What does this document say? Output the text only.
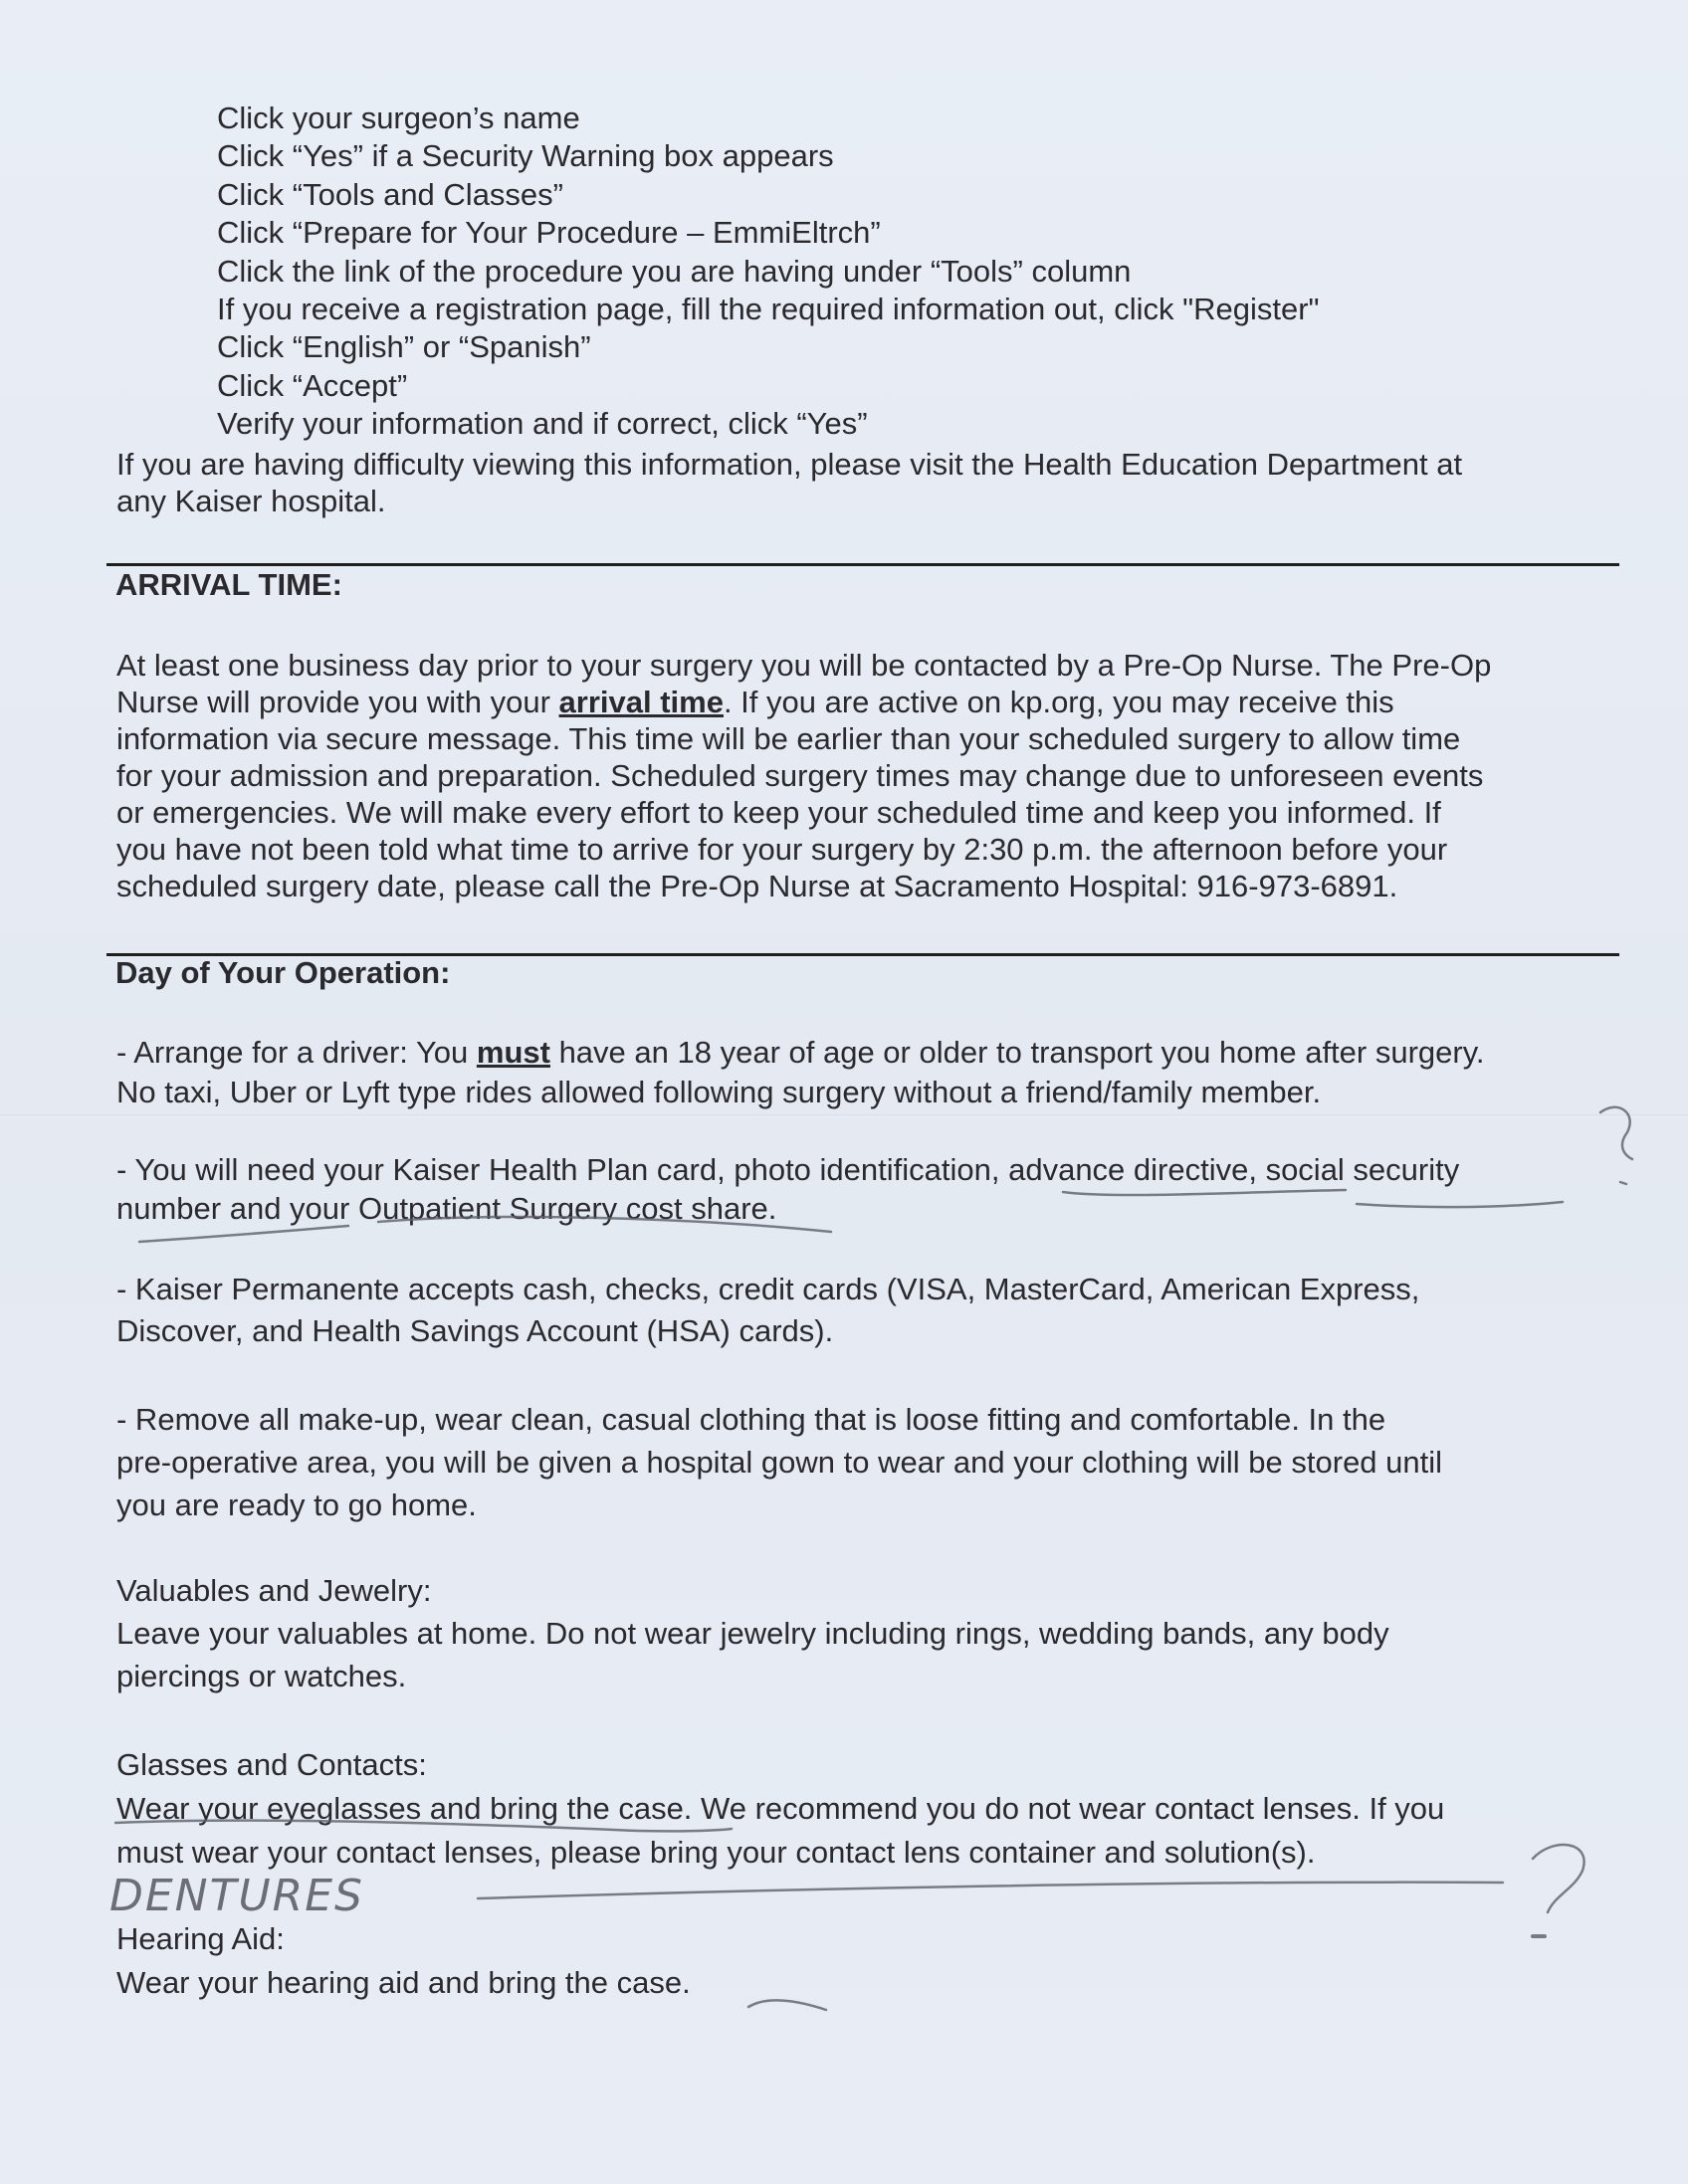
Click your surgeon’s name
Click “Yes” if a Security Warning box appears
Click “Tools and Classes”
Click “Prepare for Your Procedure – EmmiEltrch”
Click the link of the procedure you are having under “Tools” column
If you receive a registration page, fill the required information out, click "Register"
Click “English” or “Spanish”
Click “Accept”
Verify your information and if correct, click “Yes”
If you are having difficulty viewing this information, please visit the Health Education Department at
any Kaiser hospital.
ARRIVAL TIME:
At least one business day prior to your surgery you will be contacted by a Pre-Op Nurse. The Pre-Op
Nurse will provide you with your arrival time. If you are active on kp.org, you may receive this
information via secure message. This time will be earlier than your scheduled surgery to allow time
for your admission and preparation. Scheduled surgery times may change due to unforeseen events
or emergencies. We will make every effort to keep your scheduled time and keep you informed. If
you have not been told what time to arrive for your surgery by 2:30 p.m. the afternoon before your
scheduled surgery date, please call the Pre-Op Nurse at Sacramento Hospital: 916-973-6891.
Day of Your Operation:
- Arrange for a driver: You must have an 18 year of age or older to transport you home after surgery.
No taxi, Uber or Lyft type rides allowed following surgery without a friend/family member.
- You will need your Kaiser Health Plan card, photo identification, advance directive, social security
number and your Outpatient Surgery cost share.
- Kaiser Permanente accepts cash, checks, credit cards (VISA, MasterCard, American Express,
Discover, and Health Savings Account (HSA) cards).
- Remove all make-up, wear clean, casual clothing that is loose fitting and comfortable. In the
pre-operative area, you will be given a hospital gown to wear and your clothing will be stored until
you are ready to go home.
Valuables and Jewelry:
Leave your valuables at home. Do not wear jewelry including rings, wedding bands, any body
piercings or watches.
Glasses and Contacts:
Wear your eyeglasses and bring the case. We recommend you do not wear contact lenses. If you
must wear your contact lenses, please bring your contact lens container and solution(s).
DENTURES
Hearing Aid:
Wear your hearing aid and bring the case.
